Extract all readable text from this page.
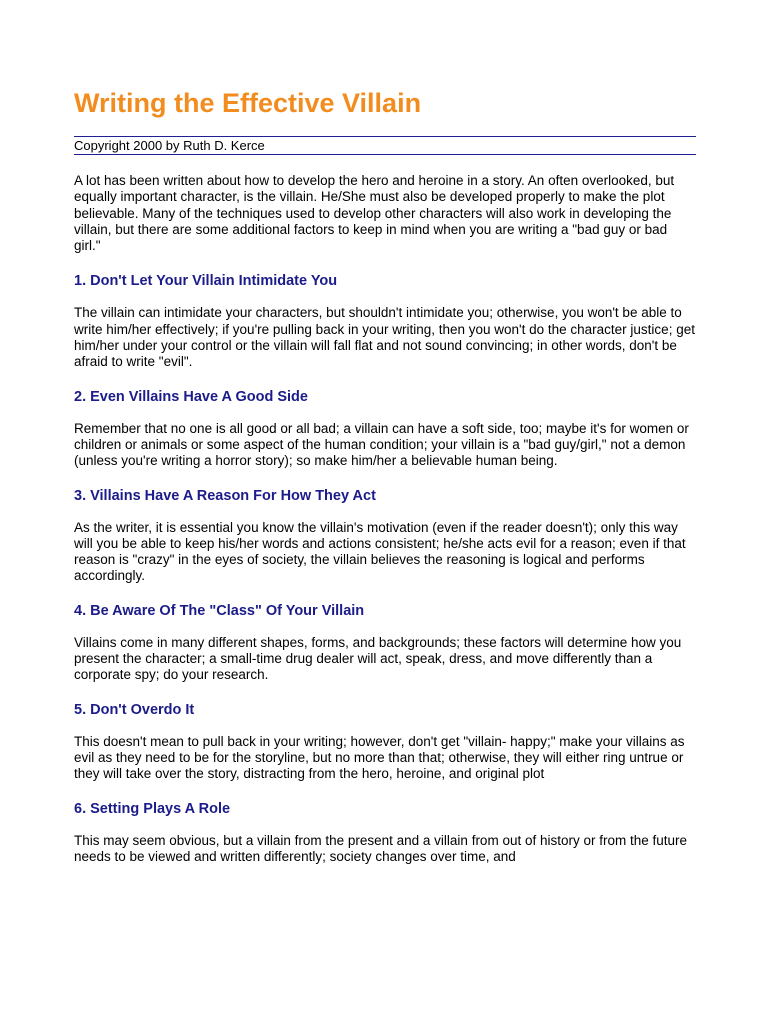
Writing the Effective Villain
Copyright 2000 by Ruth D. Kerce

A lot has been written about how to develop the hero and heroine in a story. An often overlooked, but equally important character, is the villain. He/She must also be developed properly to make the plot believable. Many of the techniques used to develop other characters will also work in developing the villain, but there are some additional factors to keep in mind when you are writing a "bad guy or bad girl."

1. Don't Let Your Villain Intimidate You

The villain can intimidate your characters, but shouldn't intimidate you; otherwise, you won't be able to write him/her effectively; if you're pulling back in your writing, then you won't do the character justice; get him/her under your control or the villain will fall flat and not sound convincing; in other words, don't be afraid to write "evil".

2. Even Villains Have A Good Side

Remember that no one is all good or all bad; a villain can have a soft side, too; maybe it's for women or children or animals or some aspect of the human condition; your villain is a "bad guy/girl," not a demon (unless you're writing a horror story); so make him/her a believable human being.

3. Villains Have A Reason For How They Act

As the writer, it is essential you know the villain's motivation (even if the reader doesn't); only this way will you be able to keep his/her words and actions consistent; he/she acts evil for a reason; even if that reason is "crazy" in the eyes of society, the villain believes the reasoning is logical and performs accordingly.

4. Be Aware Of The "Class" Of Your Villain

Villains come in many different shapes, forms, and backgrounds; these factors will determine how you present the character; a small-time drug dealer will act, speak, dress, and move differently than a corporate spy; do your research.

5. Don't Overdo It

This doesn't mean to pull back in your writing; however, don't get "villain- happy;" make your villains as evil as they need to be for the storyline, but no more than that; otherwise, they will either ring untrue or they will take over the story, distracting from the hero, heroine, and original plot

6. Setting Plays A Role

This may seem obvious, but a villain from the present and a villain from out of history or from the future needs to be viewed and written differently; society changes over time, and
